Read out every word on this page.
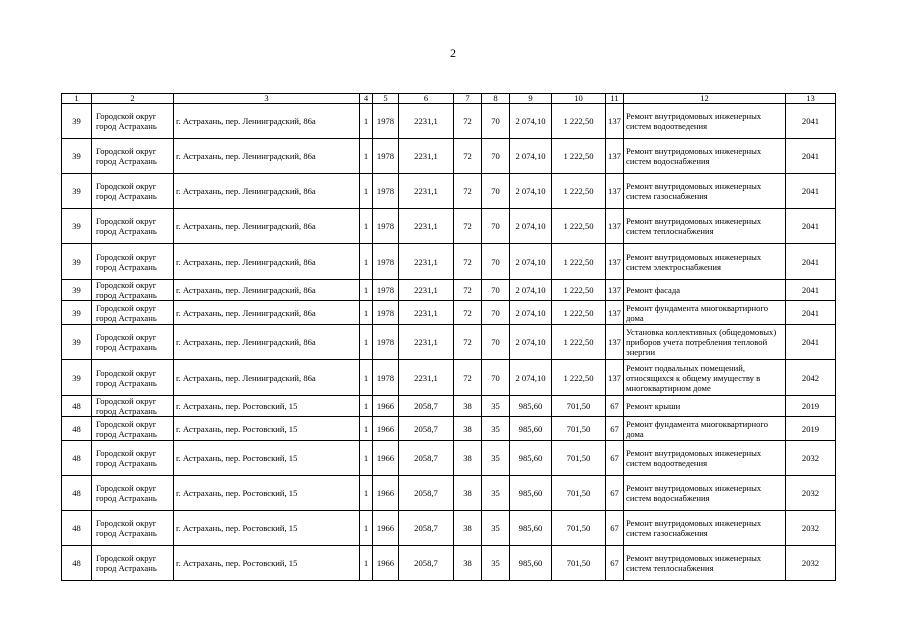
2
1	2	3	4	5	6	7	8	9	10	11	12	13
39	Городской округ город Астрахань	г. Астрахань, пер. Ленинградский, 86а	1	1978	2231,1	72	70	2 074,10	1 222,50	137	Ремонт внутридомовых инженерных систем водоотведения	2041
39	Городской округ город Астрахань	г. Астрахань, пер. Ленинградский, 86а	1	1978	2231,1	72	70	2 074,10	1 222,50	137	Ремонт внутридомовых инженерных систем водоснабжения	2041
39	Городской округ город Астрахань	г. Астрахань, пер. Ленинградский, 86а	1	1978	2231,1	72	70	2 074,10	1 222,50	137	Ремонт внутридомовых инженерных систем газоснабжения	2041
39	Городской округ город Астрахань	г. Астрахань, пер. Ленинградский, 86а	1	1978	2231,1	72	70	2 074,10	1 222,50	137	Ремонт внутридомовых инженерных систем теплоснабжения	2041
39	Городской округ город Астрахань	г. Астрахань, пер. Ленинградский, 86а	1	1978	2231,1	72	70	2 074,10	1 222,50	137	Ремонт внутридомовых инженерных систем электроснабжения	2041
39	Городской округ город Астрахань	г. Астрахань, пер. Ленинградский, 86а	1	1978	2231,1	72	70	2 074,10	1 222,50	137	Ремонт фасада	2041
39	Городской округ город Астрахань	г. Астрахань, пер. Ленинградский, 86а	1	1978	2231,1	72	70	2 074,10	1 222,50	137	Ремонт фундамента многоквартирного дома	2041
39	Городской округ город Астрахань	г. Астрахань, пер. Ленинградский, 86а	1	1978	2231,1	72	70	2 074,10	1 222,50	137	Установка коллективных (общедомовых) приборов учета потребления тепловой энергии	2041
39	Городской округ город Астрахань	г. Астрахань, пер. Ленинградский, 86а	1	1978	2231,1	72	70	2 074,10	1 222,50	137	Ремонт подвальных помещений, относящихся к общему имуществу в многоквартирном доме	2042
48	Городской округ город Астрахань	г. Астрахань, пер. Ростовский, 15	1	1966	2058,7	38	35	985,60	701,50	67	Ремонт крыши	2019
48	Городской округ город Астрахань	г. Астрахань, пер. Ростовский, 15	1	1966	2058,7	38	35	985,60	701,50	67	Ремонт фундамента многоквартирного дома	2019
48	Городской округ город Астрахань	г. Астрахань, пер. Ростовский, 15	1	1966	2058,7	38	35	985,60	701,50	67	Ремонт внутридомовых инженерных систем водоотведения	2032
48	Городской округ город Астрахань	г. Астрахань, пер. Ростовский, 15	1	1966	2058,7	38	35	985,60	701,50	67	Ремонт внутридомовых инженерных систем водоснабжения	2032
48	Городской округ город Астрахань	г. Астрахань, пер. Ростовский, 15	1	1966	2058,7	38	35	985,60	701,50	67	Ремонт внутридомовых инженерных систем газоснабжения	2032
48	Городской округ город Астрахань	г. Астрахань, пер. Ростовский, 15	1	1966	2058,7	38	35	985,60	701,50	67	Ремонт внутридомовых инженерных систем теплоснабжения	2032
